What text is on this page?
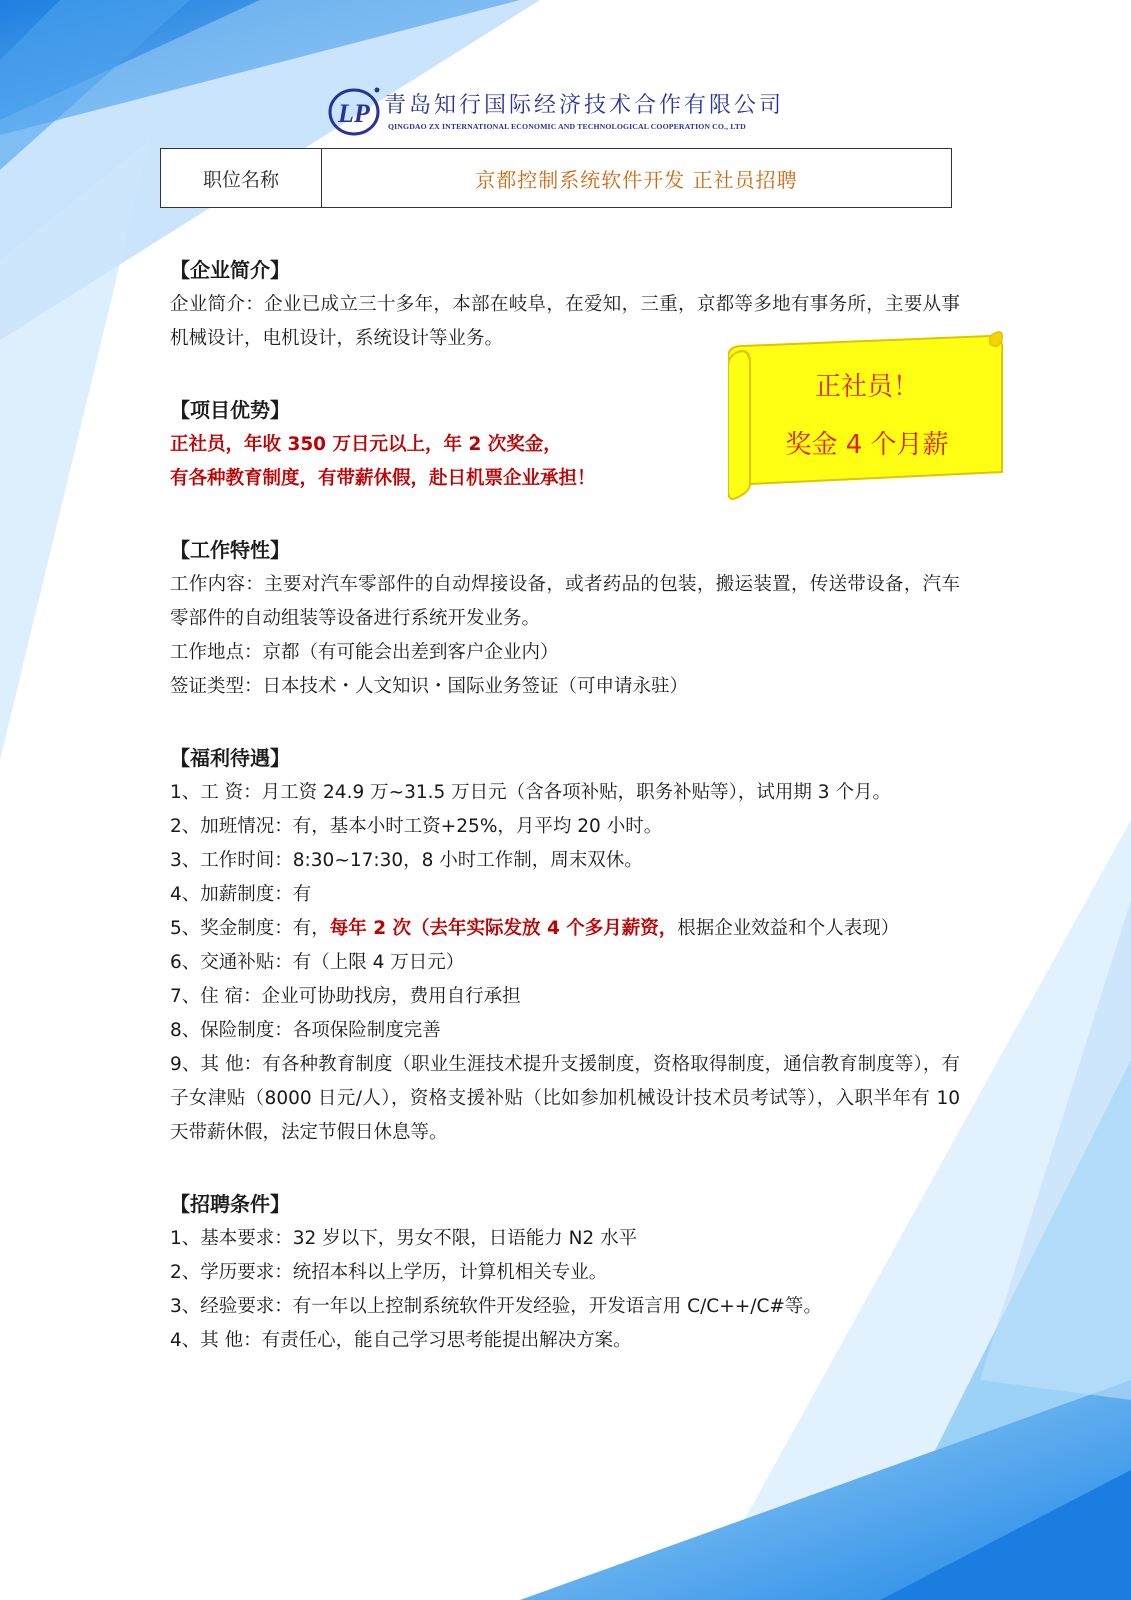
LP 青岛知行国际经济技术合作有限公司
QINGDAO ZX INTERNATIONAL ECONOMIC AND TECHNOLOGICAL COOPERATION CO., LTD
职位名称	京都控制系统软件开发 正社员招聘
正社员！
奖金 4 个月薪
【企业简介】

企业简介：企业已成立三十多年，本部在岐阜，在爱知，三重，京都等多地有事务所，主要从事机械设计，电机设计，系统设计等业务。

【项目优势】

正社员，年收 350 万日元以上，年 2 次奖金，

有各种教育制度，有带薪休假，赴日机票企业承担！

【工作特性】

工作内容：主要对汽车零部件的自动焊接设备，或者药品的包装，搬运装置，传送带设备，汽车零部件的自动组装等设备进行系统开发业务。

工作地点：京都（有可能会出差到客户企业内）

签证类型：日本技术・人文知识・国际业务签证（可申请永驻）

【福利待遇】

1、工 资：月工资 24.9 万~31.5 万日元（含各项补贴，职务补贴等），试用期 3 个月。

2、加班情况：有，基本小时工资+25%，月平均 20 小时。

3、工作时间：8:30~17:30，8 小时工作制，周末双休。

4、加薪制度：有

5、奖金制度：有，每年 2 次（去年实际发放 4 个多月薪资，根据企业效益和个人表现）

6、交通补贴：有（上限 4 万日元）

7、住 宿：企业可协助找房，费用自行承担

8、保险制度：各项保险制度完善

9、其 他：有各种教育制度（职业生涯技术提升支援制度，资格取得制度，通信教育制度等），有子女津贴（8000 日元/人），资格支援补贴（比如参加机械设计技术员考试等），入职半年有 10 天带薪休假，法定节假日休息等。

【招聘条件】

1、基本要求：32 岁以下，男女不限，日语能力 N2 水平

2、学历要求：统招本科以上学历，计算机相关专业。

3、经验要求：有一年以上控制系统软件开发经验，开发语言用 C/C++/C#等。

4、其 他：有责任心，能自己学习思考能提出解决方案。
